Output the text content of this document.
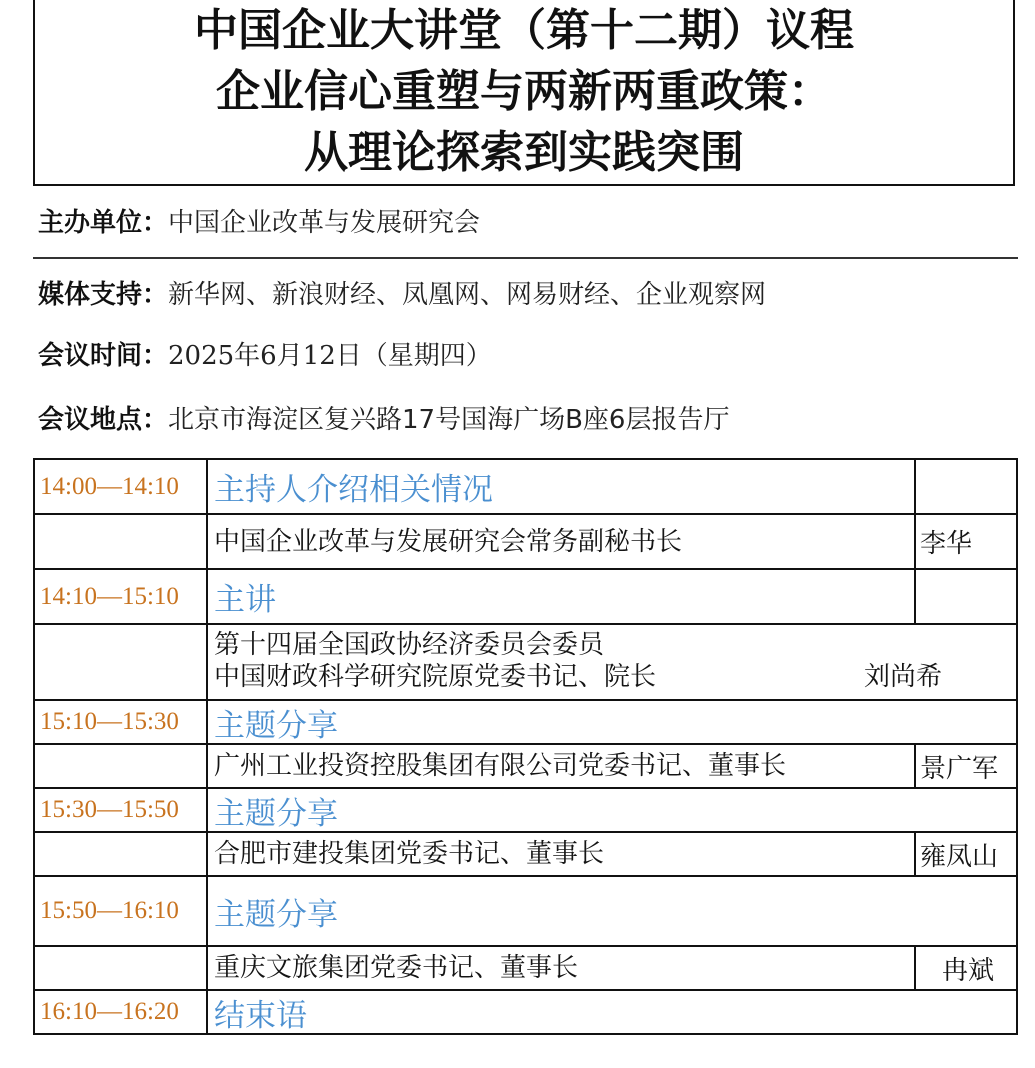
中国企业大讲堂（第十二期）议程
企业信心重塑与两新两重政策：
从理论探索到实践突围
主办单位：中国企业改革与发展研究会
媒体支持：新华网、新浪财经、凤凰网、网易财经、企业观察网
会议时间：2025年6月12日（星期四）
会议地点：北京市海淀区复兴路17号国海广场B座6层报告厅
14:00—14:10	主持人介绍相关情况
中国企业改革与发展研究会常务副秘书长	李华
14:10—15:10	主讲
第十四届全国政协经济委员会委员
中国财政科学研究院原党委书记、院长	刘尚希
15:10—15:30	主题分享
广州工业投资控股集团有限公司党委书记、董事长	景广军
15:30—15:50	主题分享
合肥市建投集团党委书记、董事长	雍凤山
15:50—16:10	主题分享
重庆文旅集团党委书记、董事长	冉斌
16:10—16:20	结束语
